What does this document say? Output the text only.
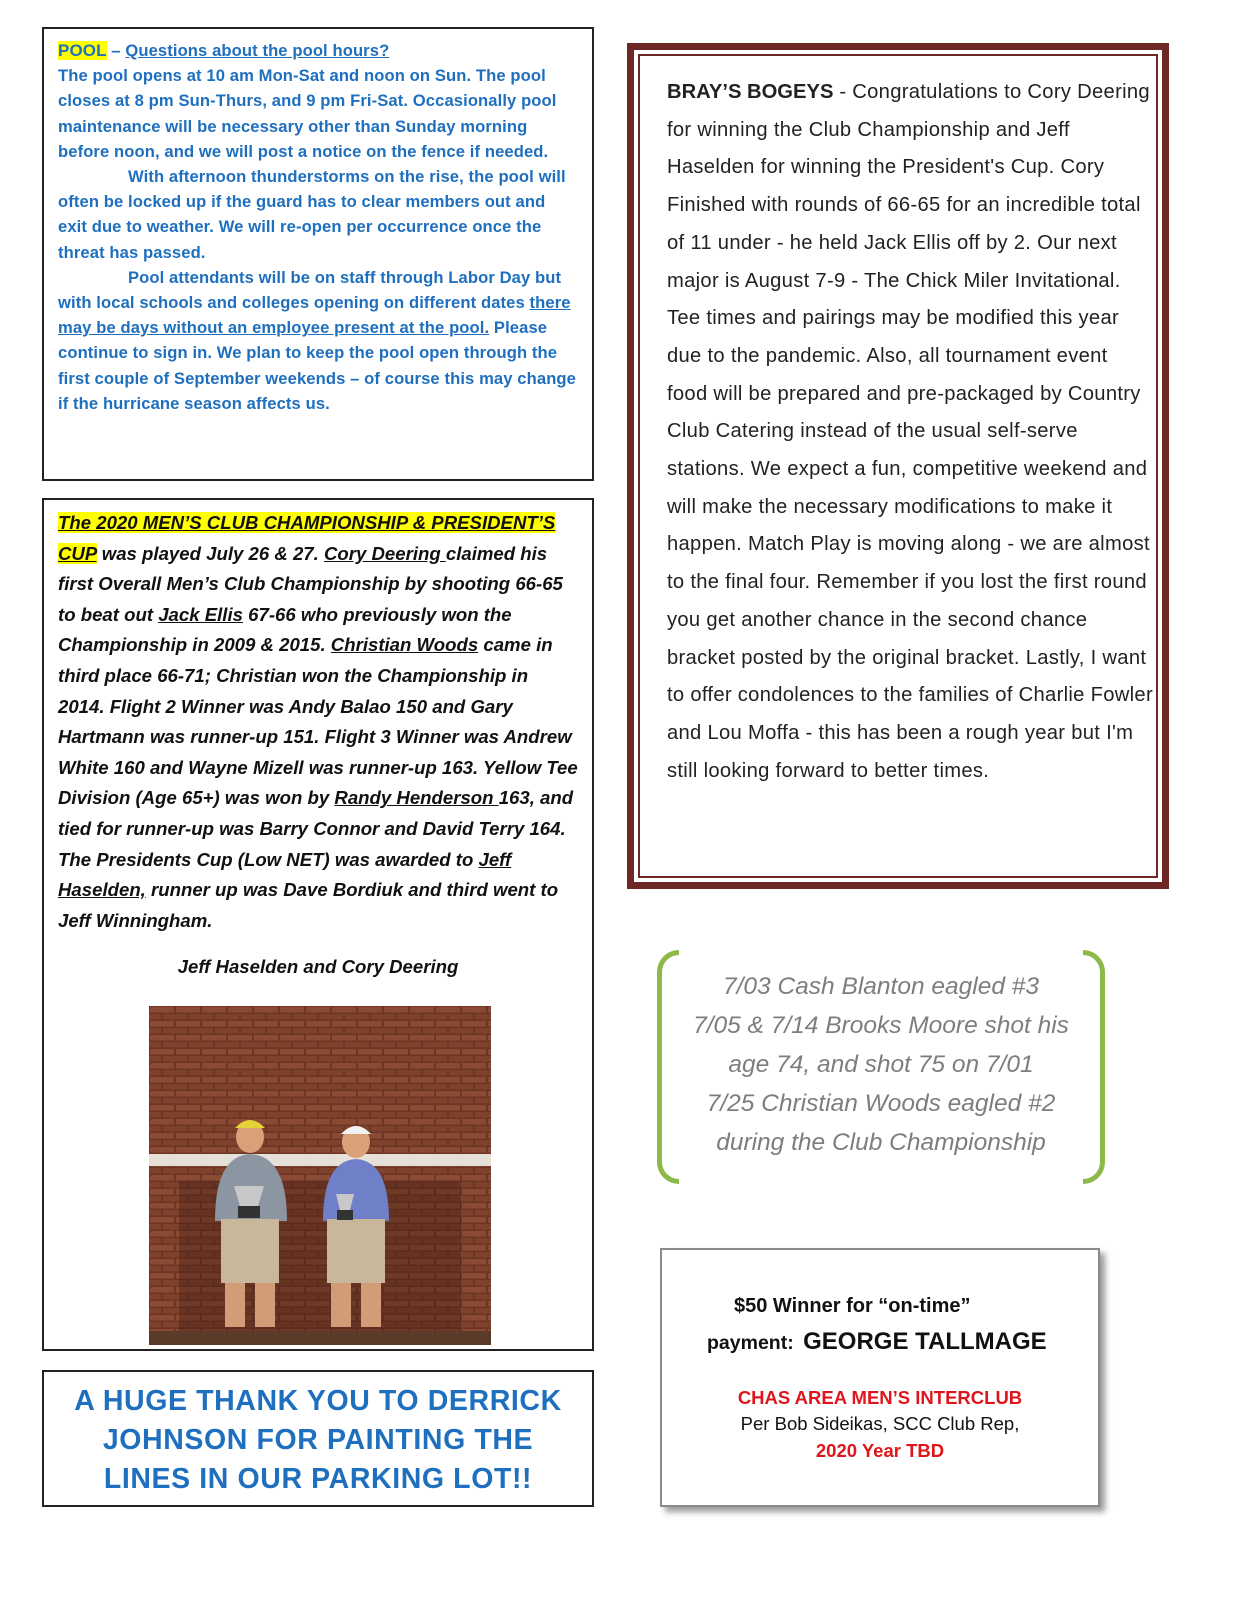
POOL – Questions about the pool hours?
The pool opens at 10 am Mon-Sat and noon on Sun. The pool closes at 8 pm Sun-Thurs, and 9 pm Fri-Sat. Occasionally pool maintenance will be necessary other than Sunday morning before noon, and we will post a notice on the fence if needed.

With afternoon thunderstorms on the rise, the pool will often be locked up if the guard has to clear members out and exit due to weather. We will re-open per occurrence once the threat has passed.

Pool attendants will be on staff through Labor Day but with local schools and colleges opening on different dates there may be days without an employee present at the pool. Please continue to sign in. We plan to keep the pool open through the first couple of September weekends – of course this may change if the hurricane season affects us.

The 2020 MEN’S CLUB CHAMPIONSHIP & PRESIDENT’S CUP was played July 26 & 27. Cory Deering claimed his first Overall Men’s Club Championship by shooting 66-65 to beat out Jack Ellis 67-66 who previously won the Championship in 2009 & 2015. Christian Woods came in third place 66-71; Christian won the Championship in 2014. Flight 2 Winner was Andy Balao 150 and Gary Hartmann was runner-up 151. Flight 3 Winner was Andrew White 160 and Wayne Mizell was runner-up 163. Yellow Tee Division (Age 65+) was won by Randy Henderson 163, and tied for runner-up was Barry Connor and David Terry 164. The Presidents Cup (Low NET) was awarded to Jeff Haselden, runner up was Dave Bordiuk and third went to Jeff Winningham.

Jeff Haselden and Cory Deering
A HUGE THANK YOU TO DERRICK
JOHNSON FOR PAINTING THE
LINES IN OUR PARKING LOT!!
BRAY’S BOGEYS - Congratulations to Cory Deering for winning the Club Championship and Jeff Haselden for winning the President's Cup. Cory Finished with rounds of 66-65 for an incredible total of 11 under - he held Jack Ellis off by 2. Our next major is August 7-9 - The Chick Miler Invitational. Tee times and pairings may be modified this year due to the pandemic. Also, all tournament event food will be prepared and pre-packaged by Country Club Catering instead of the usual self-serve stations. We expect a fun, competitive weekend and will make the necessary modifications to make it happen. Match Play is moving along - we are almost to the final four. Remember if you lost the first round you get another chance in the second chance bracket posted by the original bracket. Lastly, I want to offer condolences to the families of Charlie Fowler and Lou Moffa - this has been a rough year but I'm still looking forward to better times.
7/03 Cash Blanton eagled #3
7/05 & 7/14 Brooks Moore shot his
age 74, and shot 75 on 7/01
7/25 Christian Woods eagled #2
during the Club Championship
$50 Winner for “on-time”
payment: GEORGE TALLMAGE
CHAS AREA MEN’S INTERCLUB
Per Bob Sideikas, SCC Club Rep,
2020 Year TBD
